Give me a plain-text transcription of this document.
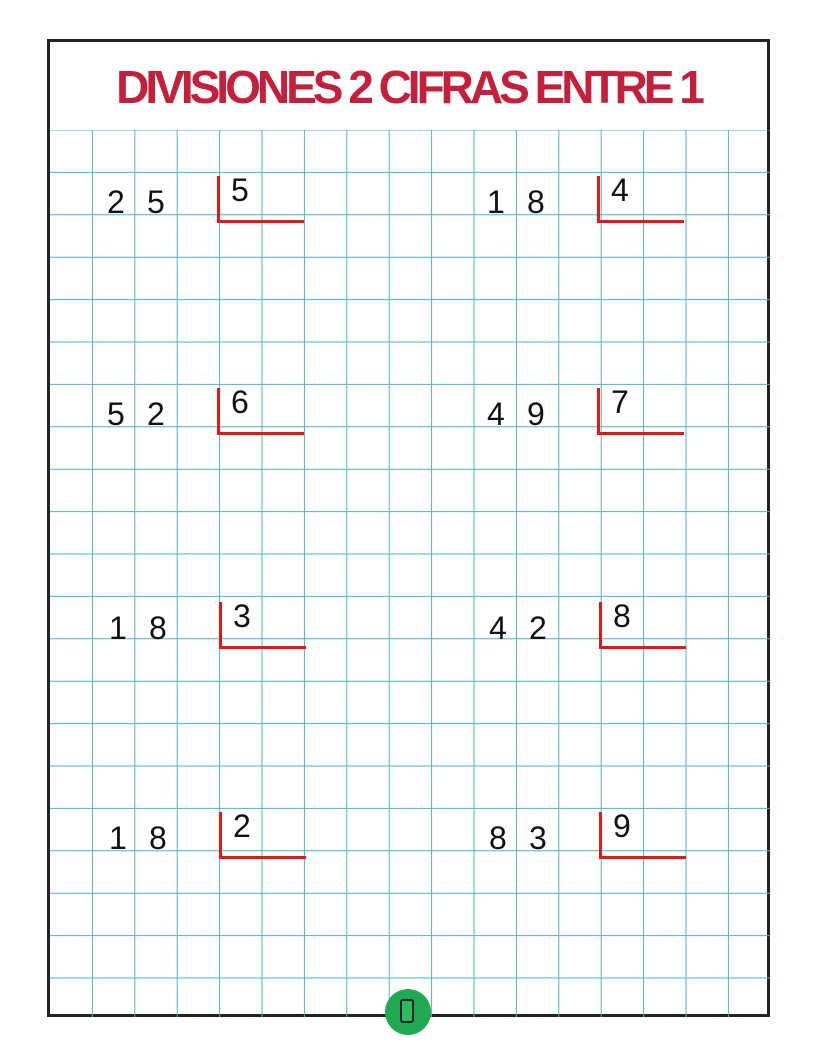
DIVISIONES 2 CIFRAS ENTRE 1
2 5 5
5 2 6
1 8 3
1 8 2
1 8 4
4 9 7
4 2 8
8 3 9
